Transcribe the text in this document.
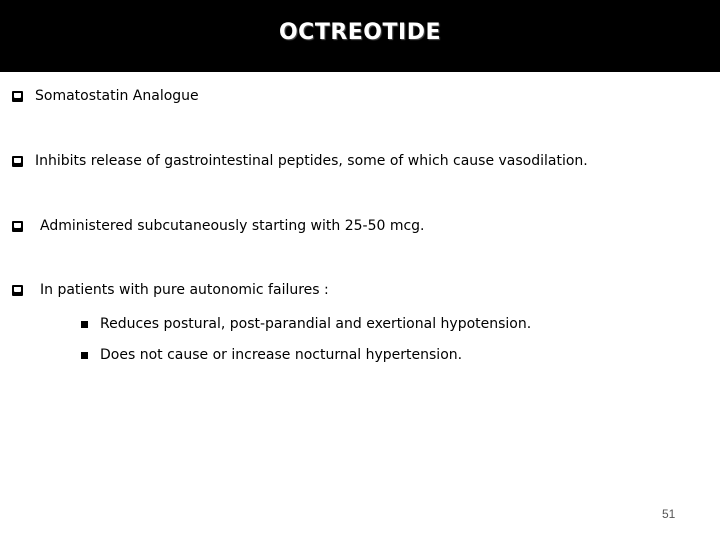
OCTREOTIDE
Somatostatin Analogue
Inhibits release of gastrointestinal peptides, some of which cause vasodilation.
Administered subcutaneously starting with 25-50 mcg.
In patients with pure autonomic failures :
Reduces postural, post-parandial and exertional hypotension.
Does not cause or increase nocturnal hypertension.
51
